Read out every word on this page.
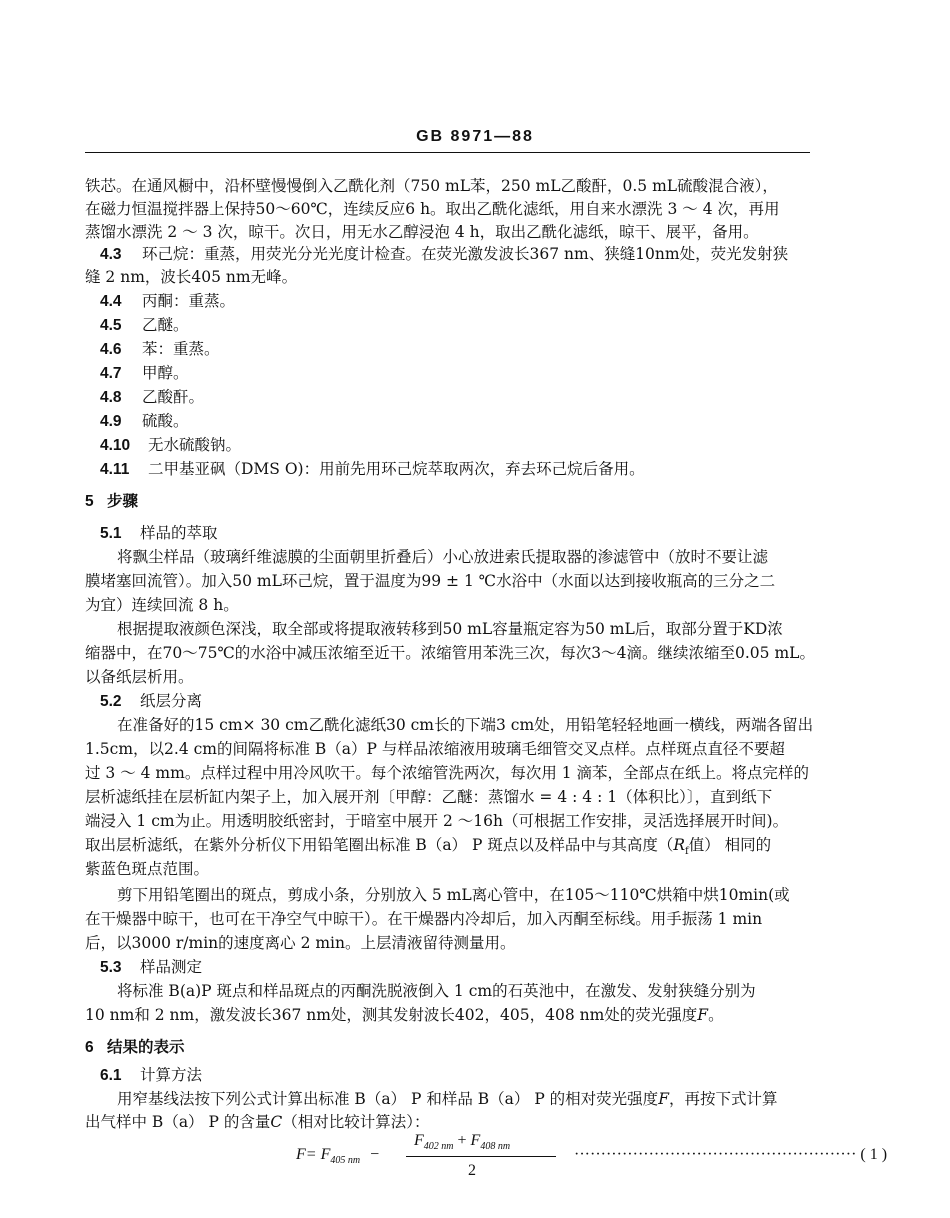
GB 8971—88
铁芯。在通风橱中，沿杯壁慢慢倒入乙酰化剂（750 mL苯，250 mL乙酸酐，0.5 mL硫酸混合液），
在磁力恒温搅拌器上保持50～60℃，连续反应6 h。取出乙酰化滤纸，用自来水漂洗 3 ～ 4 次，再用
蒸馏水漂洗 2 ～ 3 次，晾干。次日，用无水乙醇浸泡 4 h，取出乙酰化滤纸，晾干、展平，备用。
4.3 环己烷：重蒸，用荧光分光光度计检查。在荧光激发波长367 nm、狭缝10nm处，荧光发射狭
缝 2 nm，波长405 nm无峰。
4.4 丙酮：重蒸。
4.5 乙醚。
4.6 苯：重蒸。
4.7 甲醇。
4.8 乙酸酐。
4.9 硫酸。
4.10 无水硫酸钠。
4.11 二甲基亚砜（DMS O)：用前先用环己烷萃取两次，弃去环己烷后备用。
5 步骤
5.1 样品的萃取
将飘尘样品（玻璃纤维滤膜的尘面朝里折叠后）小心放进索氏提取器的渗滤管中（放时不要让滤
膜堵塞回流管）。加入50 mL环己烷，置于温度为99 ± 1 ℃水浴中（水面以达到接收瓶高的三分之二
为宜）连续回流 8 h。
根据提取液颜色深浅，取全部或将提取液转移到50 mL容量瓶定容为50 mL后，取部分置于KD浓
缩器中，在70～75℃的水浴中减压浓缩至近干。浓缩管用苯洗三次，每次3～4滴。继续浓缩至0.05 mL。
以备纸层析用。
5.2 纸层分离
在准备好的15 cm× 30 cm乙酰化滤纸30 cm长的下端3 cm处，用铅笔轻轻地画一横线，两端各留出
1.5cm，以2.4 cm的间隔将标准 B（a）P 与样品浓缩液用玻璃毛细管交叉点样。点样斑点直径不要超
过 3 ～ 4 mm。点样过程中用冷风吹干。每个浓缩管洗两次，每次用 1 滴苯，全部点在纸上。将点完样的
层析滤纸挂在层析缸内架子上，加入展开剂〔甲醇：乙醚：蒸馏水 = 4 : 4 : 1（体积比）〕，直到纸下
端浸入 1 cm为止。用透明胶纸密封，于暗室中展开 2 ～16h（可根据工作安排，灵活选择展开时间)。
取出层析滤纸，在紫外分析仪下用铅笔圈出标准 B（a） P 斑点以及样品中与其高度（$R_f$值） 相同的
紫蓝色斑点范围。
剪下用铅笔圈出的斑点，剪成小条，分别放入 5 mL离心管中，在105～110℃烘箱中烘10min(或
在干燥器中晾干，也可在干净空气中晾干）。在干燥器内冷却后，加入丙酮至标线。用手振荡 1 min
后，以3000 r/min的速度离心 2 min。上层清液留待测量用。
5.3 样品测定
将标准 B(a)P 斑点和样品斑点的丙酮洗脱液倒入 1 cm的石英池中，在激发、发射狭缝分别为
10 nm和 2 nm，激发波长367 nm处，测其发射波长402，405，408 nm处的荧光强度F。
6 结果的表示
6.1 计算方法
用窄基线法按下列公式计算出标准 B（a） P 和样品 B（a） P 的相对荧光强度F，再按下式计算
出气样中 B（a） P 的含量C（相对比较计算法）：
$F= F_{405 nm}$ −
$F_{402 nm} + F_{408 nm}$
2
····················································· ( 1 )
